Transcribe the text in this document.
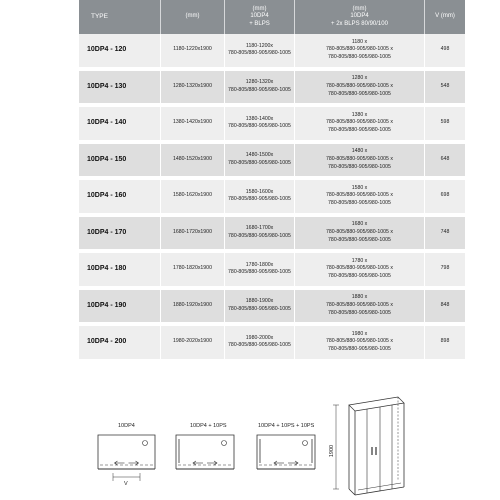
TYPE	(mm)	(mm)
10DP4
+ BLPS	(mm)
10DP4
+ 2x BLPS 80/90/100	V (mm)

10DP4 - 120	1180-1220x1900	1180-1200x
780-805/880-905/980-1005	1180 x
780-805/880-905/980-1005 x
780-805/880-905/980-1005	498
10DP4 - 130	1280-1320x1900	1280-1320x
780-805/880-905/980-1005	1280 x
780-805/880-905/980-1005 x
780-805/880-905/980-1005	548
10DP4 - 140	1380-1420x1900	1380-1400x
780-805/880-905/980-1005	1380 x
780-805/880-905/980-1005 x
780-805/880-905/980-1005	598
10DP4 - 150	1480-1520x1900	1480-1500x
780-805/880-905/980-1005	1480 x
780-805/880-905/980-1005 x
780-805/880-905/980-1005	648
10DP4 - 160	1580-1620x1900	1580-1600x
780-805/880-905/980-1005	1580 x
780-805/880-905/980-1005 x
780-805/880-905/980-1005	698
10DP4 - 170	1680-1720x1900	1680-1700x
780-805/880-905/980-1005	1680 x
780-805/880-905/980-1005 x
780-805/880-905/980-1005	748
10DP4 - 180	1780-1820x1900	1780-1800x
780-805/880-905/980-1005	1780 x
780-805/880-905/980-1005 x
780-805/880-905/980-1005	798
10DP4 - 190	1880-1920x1900	1880-1900x
780-805/880-905/980-1005	1880 x
780-805/880-905/980-1005 x
780-805/880-905/980-1005	848
10DP4 - 200	1980-2020x1900	1980-2000x
780-805/880-905/980-1005	1980 x
780-805/880-905/980-1005 x
780-805/880-905/980-1005	898
10DP4	10DP4 + 10PS	10DP4 + 10PS + 10PS
V
1900
